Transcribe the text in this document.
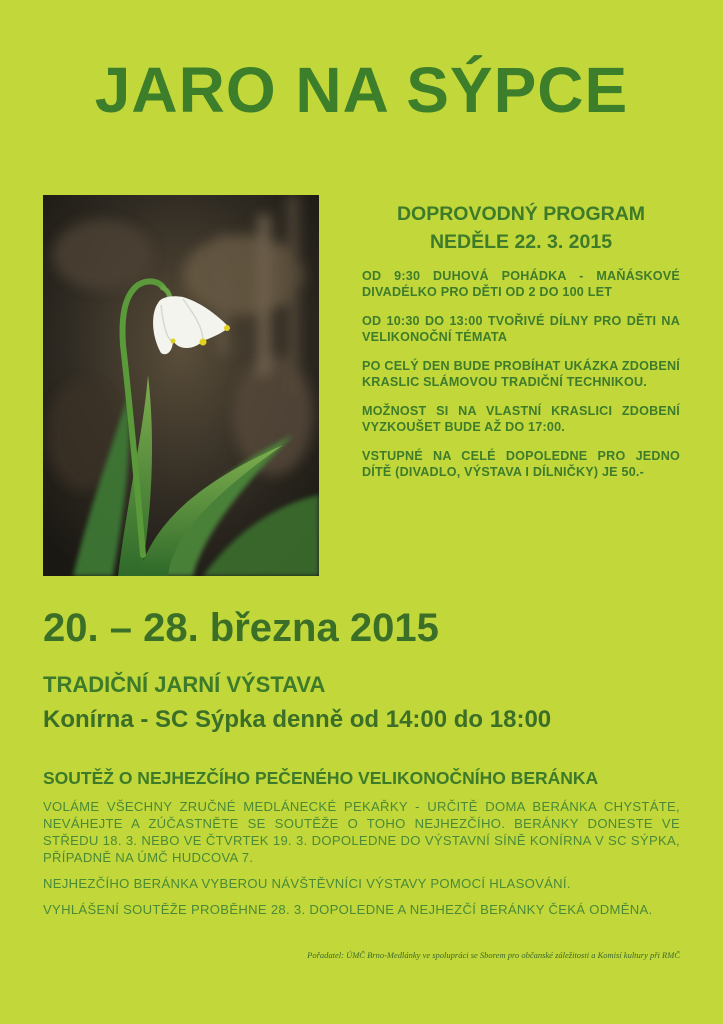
JARO NA SÝPCE
DOPROVODNÝ PROGRAM
NEDĚLE 22. 3. 2015

OD 9:30 DUHOVÁ POHÁDKA - MAŇÁSKOVÉ DIVADÉLKO PRO DĚTI OD 2 DO 100 LET

OD 10:30 DO 13:00 TVOŘIVÉ DÍLNY PRO DĚTI NA VELIKONOČNÍ TÉMATA

PO CELÝ DEN BUDE PROBÍHAT UKÁZKA ZDOBENÍ KRASLIC SLÁMOVOU TRADIČNÍ TECHNIKOU.

MOŽNOST SI NA VLASTNÍ KRASLICI ZDOBENÍ VYZKOUŠET BUDE AŽ DO 17:00.

VSTUPNÉ NA CELÉ DOPOLEDNE PRO JEDNO DÍTĚ (DIVADLO, VÝSTAVA I DÍLNIČKY) JE 50.-

20. – 28. března 2015
TRADIČNÍ JARNÍ VÝSTAVA
Konírna - SC Sýpka denně od 14:00 do 18:00
SOUTĚŽ O NEJHEZČÍHO PEČENÉHO VELIKONOČNÍHO BERÁNKA

VOLÁME VŠECHNY ZRUČNÉ MEDLÁNECKÉ PEKAŘKY - URČITĚ DOMA BERÁNKA CHYSTÁTE, NEVÁHEJTE A ZÚČASTNĚTE SE SOUTĚŽE O TOHO NEJHEZČÍHO. BERÁNKY DONESTE VE STŘEDU 18. 3. NEBO VE ČTVRTEK 19. 3. DOPOLEDNE DO VÝSTAVNÍ SÍNĚ KONÍRNA V SC SÝPKA, PŘÍPADNĚ NA ÚMČ HUDCOVA 7.

NEJHEZČÍHO BERÁNKA VYBEROU NÁVŠTĚVNÍCI VÝSTAVY POMOCÍ HLASOVÁNÍ.

VYHLÁŠENÍ SOUTĚŽE PROBĚHNE 28. 3. DOPOLEDNE A NEJHEZČÍ BERÁNKY ČEKÁ ODMĚNA.

Pořadatel: ÚMČ Brno-Medlánky ve spolupráci se Sborem pro občanské záležitosti a Komisí kultury při RMČ
